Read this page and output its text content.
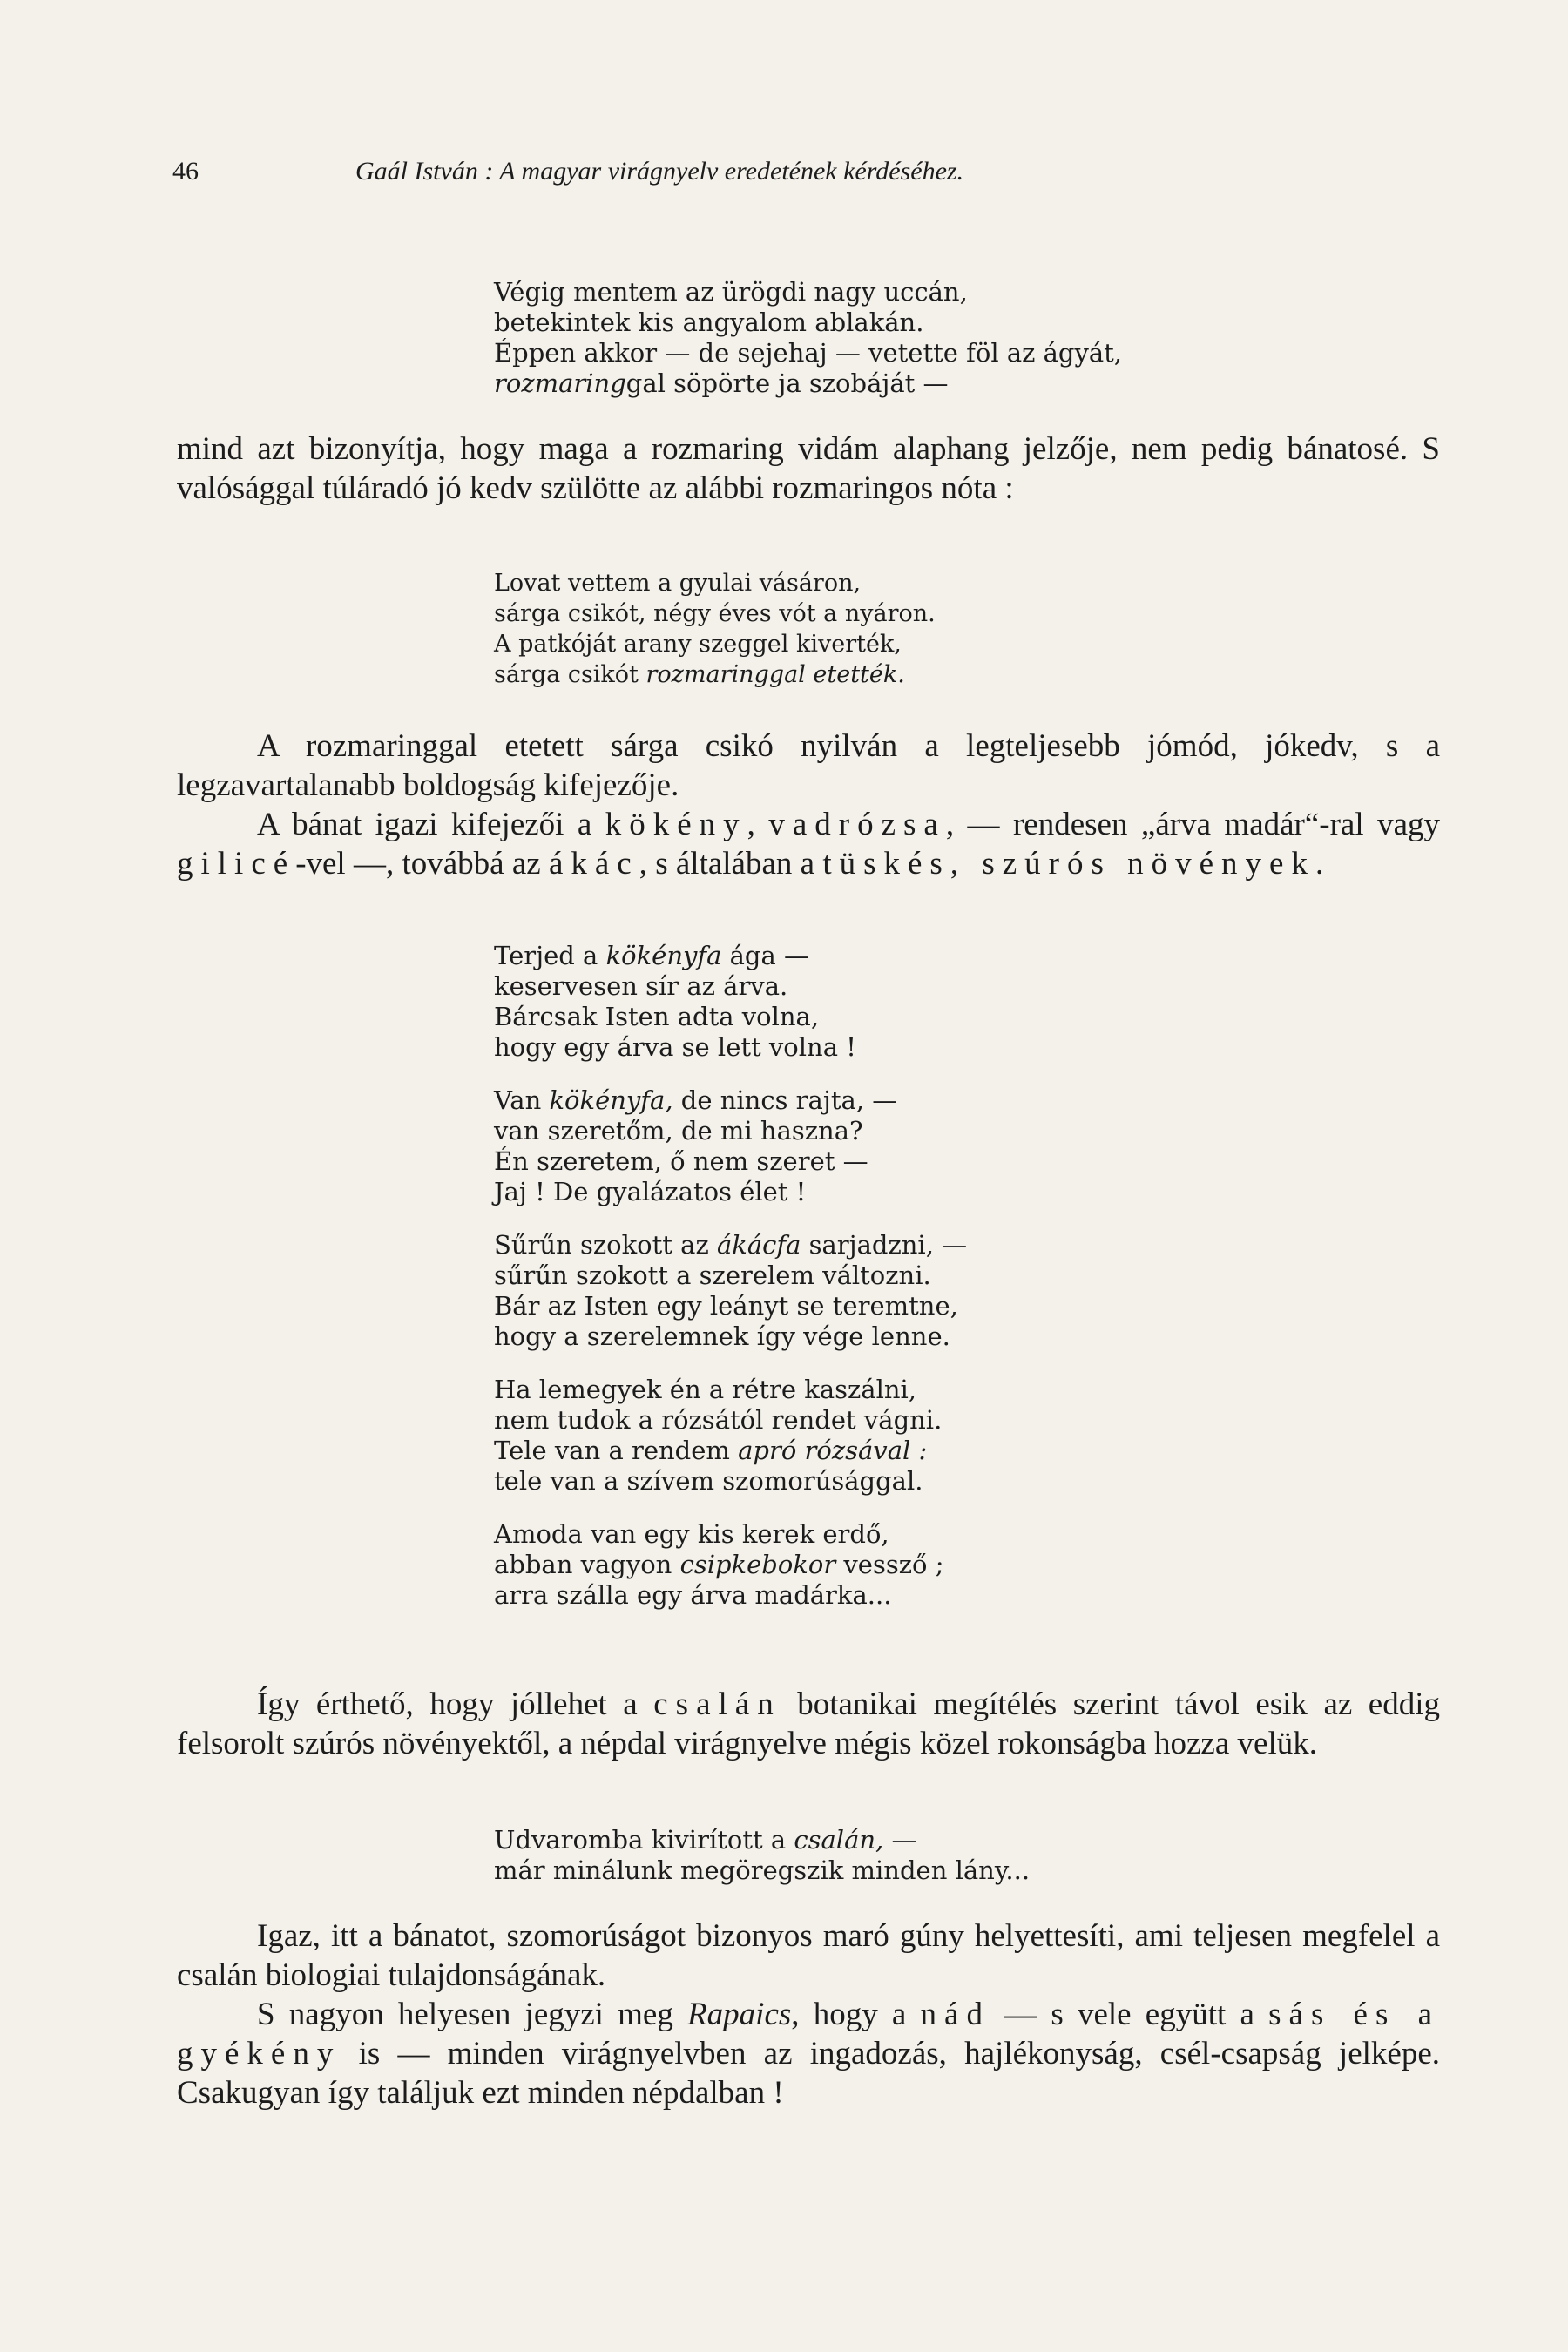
46	Gaál István : A magyar virágnyelv eredetének kérdéséhez.
Végig mentem az ürögdi nagy uccán,
betekintek kis angyalom ablakán.
Éppen akkor — de sejehaj — vetette föl az ágyát,
rozmaringgal söpörte ja szobáját —

mind azt bizonyítja, hogy maga a rozmaring vidám alaphang jelzője, nem pedig bánatosé. S valósággal túláradó jó kedv szülötte az alábbi rozmaringos nóta :

Lovat vettem a gyulai vásáron,
sárga csikót, négy éves vót a nyáron.
A patkóját arany szeggel kiverték,
sárga csikót rozmaringgal etették.

A rozmaringgal etetett sárga csikó nyilván a legteljesebb jómód, jókedv, s a legzavartalanabb boldogság kifejezője.

A bánat igazi kifejezői a kökény, vadrózsa, — rendesen „árva madár“-ral vagy gilicé-vel —, továbbá az ákác, s általában a tüskés, szúrós növények.

Terjed a kökényfa ága —
keservesen sír az árva.
Bárcsak Isten adta volna,
hogy egy árva se lett volna !
Van kökényfa, de nincs rajta, —
van szeretőm, de mi haszna?
Én szeretem, ő nem szeret —
Jaj ! De gyalázatos élet !
Sűrűn szokott az ákácfa sarjadzni, —
sűrűn szokott a szerelem változni.
Bár az Isten egy leányt se teremtne,
hogy a szerelemnek így vége lenne.
Ha lemegyek én a rétre kaszálni,
nem tudok a rózsától rendet vágni.
Tele van a rendem apró rózsával :
tele van a szívem szomorúsággal.
Amoda van egy kis kerek erdő,
abban vagyon csipkebokor vessző ;
arra szálla egy árva madárka...

Így érthető, hogy jóllehet a csalán botanikai megítélés szerint távol esik az eddig felsorolt szúrós növényektől, a népdal virágnyelve mégis közel rokonságba hozza velük.

Udvaromba kivirított a csalán, —
már minálunk megöregszik minden lány...

Igaz, itt a bánatot, szomorúságot bizonyos maró gúny helyettesíti, ami teljesen megfelel a csalán biologiai tulajdonságának.

S nagyon helyesen jegyzi meg Rapaics, hogy a nád — s vele együtt a sás és a gyékény is — minden virágnyelvben az ingadozás, hajlékonyság, csél-csapság jelképe. Csakugyan így találjuk ezt minden népdalban !
